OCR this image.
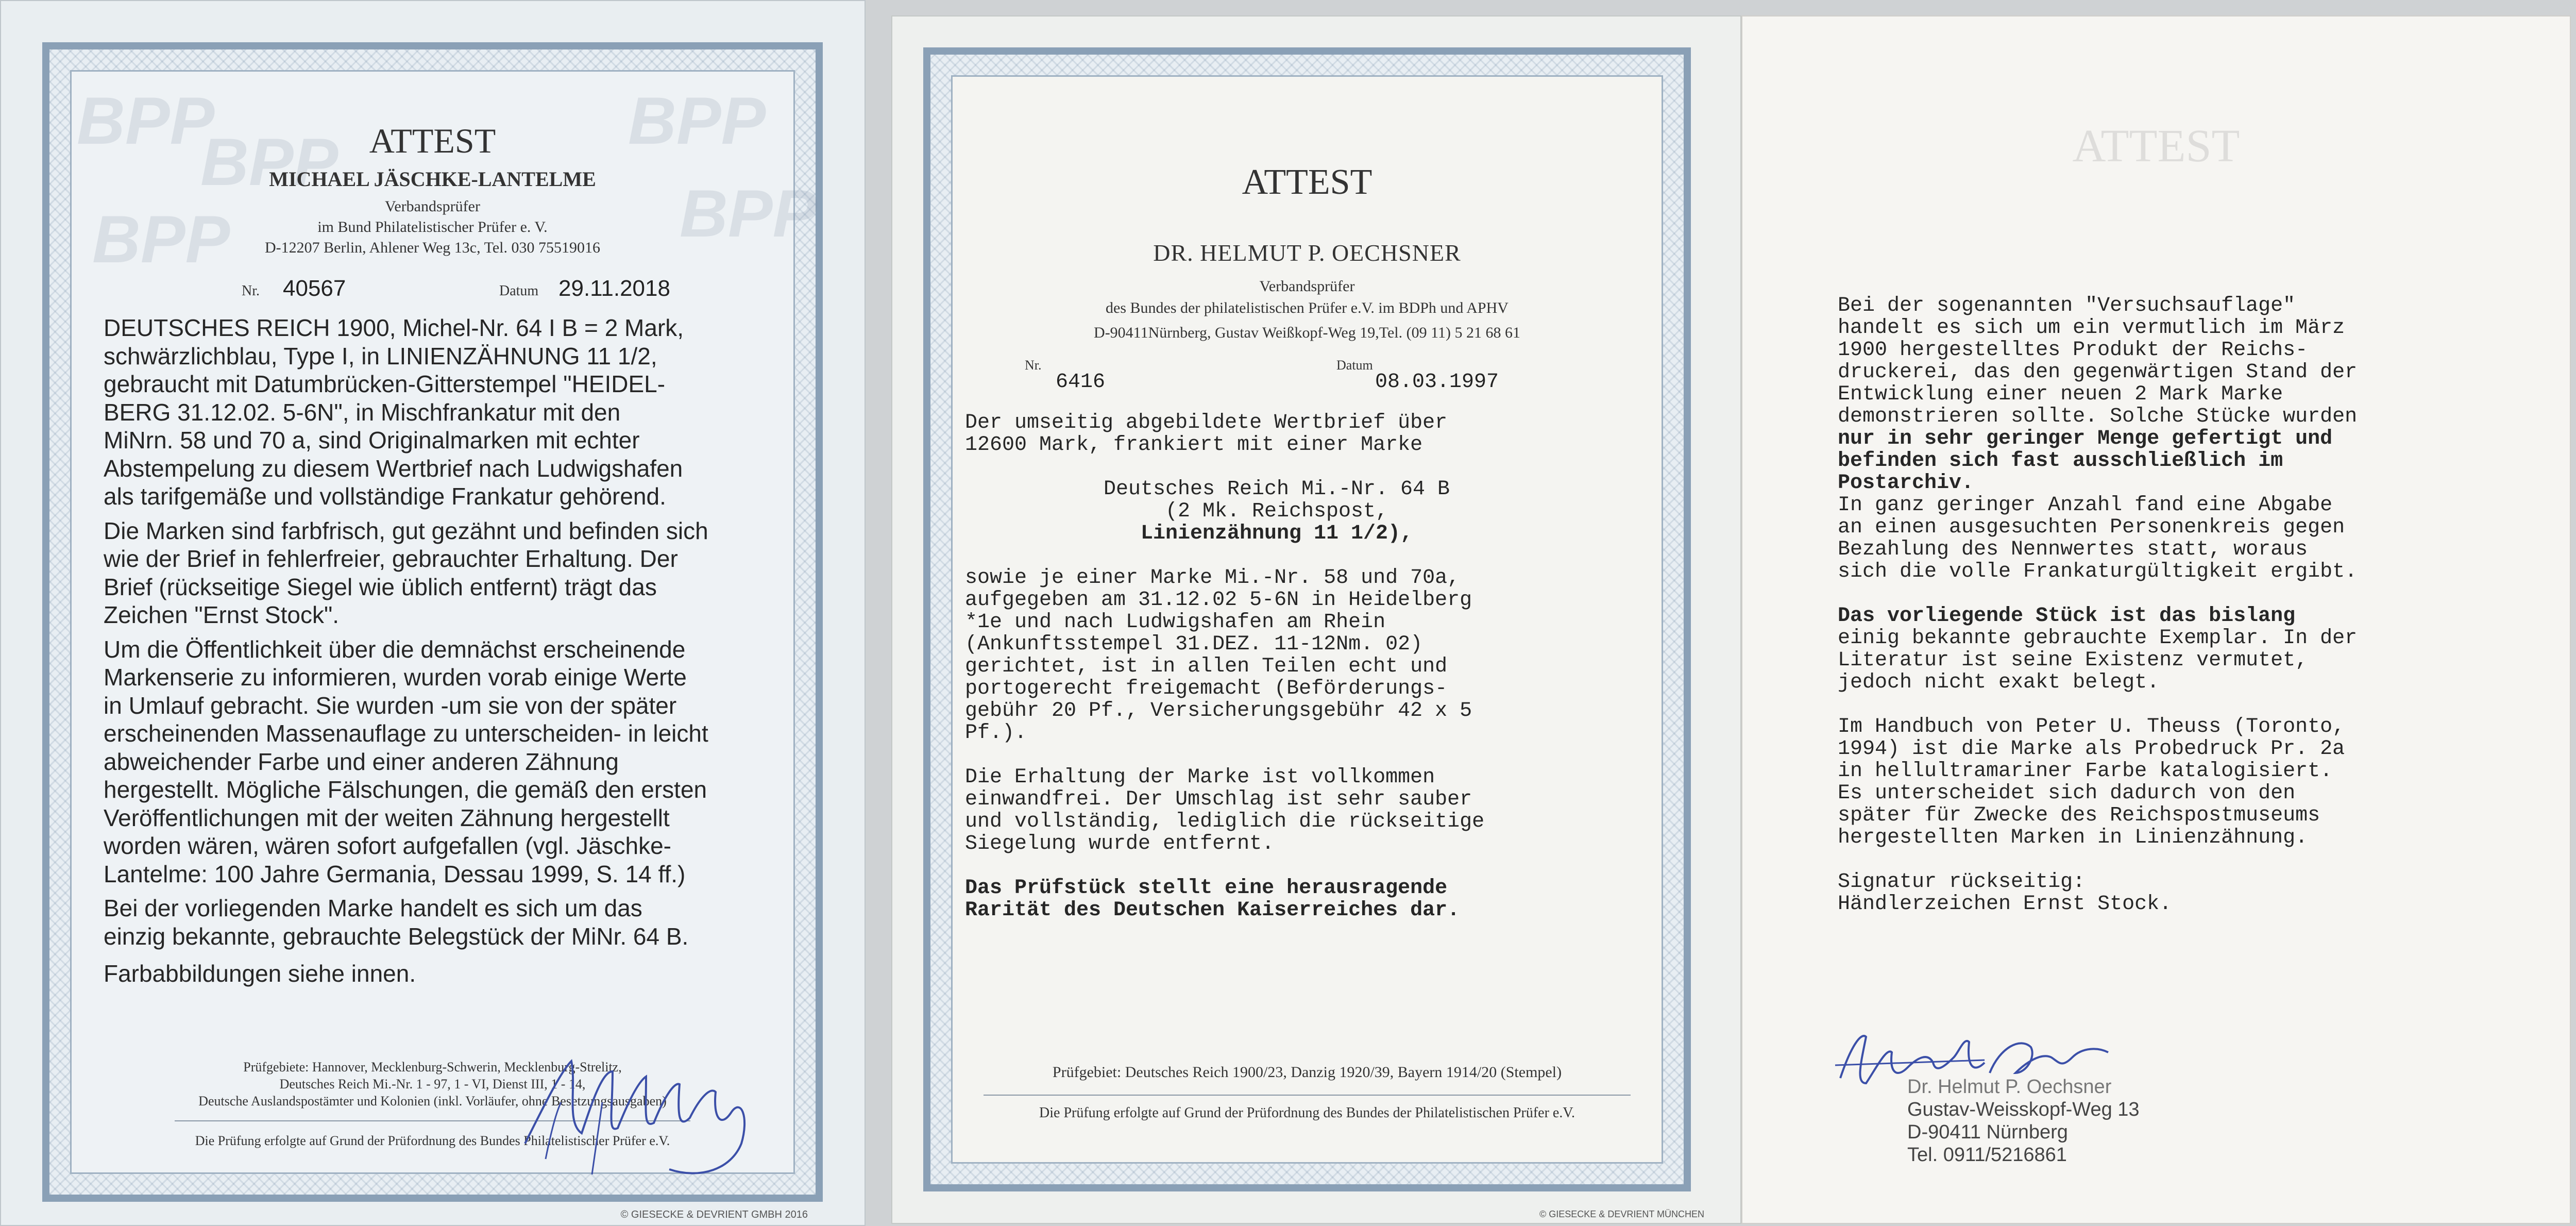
BPP
BPP
BPP
BPP
BPP
ATTEST
MICHAEL JÄSCHKE-LANTELME
Verbandsprüfer
im Bund Philatelistischer Prüfer e. V.
D-12207 Berlin, Ahlener Weg 13c, Tel. 030 75519016
Nr. 40567	Datum 29.11.2018
DEUTSCHES REICH 1900, Michel-Nr. 64 I B = 2 Mark,
schwärzlichblau, Type I, in LINIENZÄHNUNG 11 1/2,
gebraucht mit Datumbrücken-Gitterstempel "HEIDEL-
BERG 31.12.02. 5-6N", in Mischfrankatur mit den
MiNrn. 58 und 70 a, sind Originalmarken mit echter
Abstempelung zu diesem Wertbrief nach Ludwigshafen
als tarifgemäße und vollständige Frankatur gehörend.
Die Marken sind farbfrisch, gut gezähnt und befinden sich
wie der Brief in fehlerfreier, gebrauchter Erhaltung. Der
Brief (rückseitige Siegel wie üblich entfernt) trägt das
Zeichen "Ernst Stock".
Um die Öffentlichkeit über die demnächst erscheinende
Markenserie zu informieren, wurden vorab einige Werte
in Umlauf gebracht. Sie wurden -um sie von der später
erscheinenden Massenauflage zu unterscheiden- in leicht
abweichender Farbe und einer anderen Zähnung
hergestellt. Mögliche Fälschungen, die gemäß den ersten
Veröffentlichungen mit der weiten Zähnung hergestellt
worden wären, wären sofort aufgefallen (vgl. Jäschke-
Lantelme: 100 Jahre Germania, Dessau 1999, S. 14 ff.)
Bei der vorliegenden Marke handelt es sich um das
einzig bekannte, gebrauchte Belegstück der MiNr. 64 B.
Farbabbildungen siehe innen.
Prüfgebiete: Hannover, Mecklenburg-Schwerin, Mecklenburg-Strelitz,
Deutsches Reich Mi.-Nr. 1 - 97, 1 - VI, Dienst III, 1 - 14,
Deutsche Auslandspostämter und Kolonien (inkl. Vorläufer, ohne Besetzungsausgaben)
Die Prüfung erfolgte auf Grund der Prüfordnung des Bundes Philatelistischer Prüfer e.V.
© GIESECKE & DEVRIENT GMBH 2016
ATTEST
DR. HELMUT P. OECHSNER
Verbandsprüfer
des Bundes der philatelistischen Prüfer e.V. im BDPh und APHV
D-90411Nürnberg, Gustav Weißkopf-Weg 19,Tel. (09 11) 5 21 68 61
Nr.
6416
Datum
08.03.1997
Der umseitig abgebildete Wertbrief über
12600 Mark, frankiert mit einer Marke
Deutsches Reich Mi.-Nr. 64 B
(2 Mk. Reichspost,
Linienzähnung 11 1/2),
sowie je einer Marke Mi.-Nr. 58 und 70a,
aufgegeben am 31.12.02 5-6N in Heidelberg
*1e und nach Ludwigshafen am Rhein
(Ankunftsstempel 31.DEZ. 11-12Nm. 02)
gerichtet, ist in allen Teilen echt und
portogerecht freigemacht (Beförderungs-
gebühr 20 Pf., Versicherungsgebühr 42 x 5
Pf.).
Die Erhaltung der Marke ist vollkommen
einwandfrei. Der Umschlag ist sehr sauber
und vollständig, lediglich die rückseitige
Siegelung wurde entfernt.
Das Prüfstück stellt eine herausragende
Rarität des Deutschen Kaiserreiches dar.
Prüfgebiet: Deutsches Reich 1900/23, Danzig 1920/39, Bayern 1914/20 (Stempel)
Die Prüfung erfolgte auf Grund der Prüfordnung des Bundes der Philatelistischen Prüfer e.V.
© GIESECKE & DEVRIENT MÜNCHEN
ATTEST
Bei der sogenannten "Versuchsauflage"
handelt es sich um ein vermutlich im März
1900 hergestelltes Produkt der Reichs-
druckerei, das den gegenwärtigen Stand der
Entwicklung einer neuen 2 Mark Marke
demonstrieren sollte. Solche Stücke wurden
nur in sehr geringer Menge gefertigt und
befinden sich fast ausschließlich im
Postarchiv.
In ganz geringer Anzahl fand eine Abgabe
an einen ausgesuchten Personenkreis gegen
Bezahlung des Nennwertes statt, woraus
sich die volle Frankaturgültigkeit ergibt.
Das vorliegende Stück ist das bislang
einig bekannte gebrauchte Exemplar. In der
Literatur ist seine Existenz vermutet,
jedoch nicht exakt belegt.
Im Handbuch von Peter U. Theuss (Toronto,
1994) ist die Marke als Probedruck Pr. 2a
in hellultramariner Farbe katalogisiert.
Es unterscheidet sich dadurch von den
später für Zwecke des Reichspostmuseums
hergestellten Marken in Linienzähnung.
Signatur rückseitig:
Händlerzeichen Ernst Stock.
Dr. Helmut P. Oechsner
Gustav-Weisskopf-Weg 13
D-90411 Nürnberg
Tel. 0911/5216861
